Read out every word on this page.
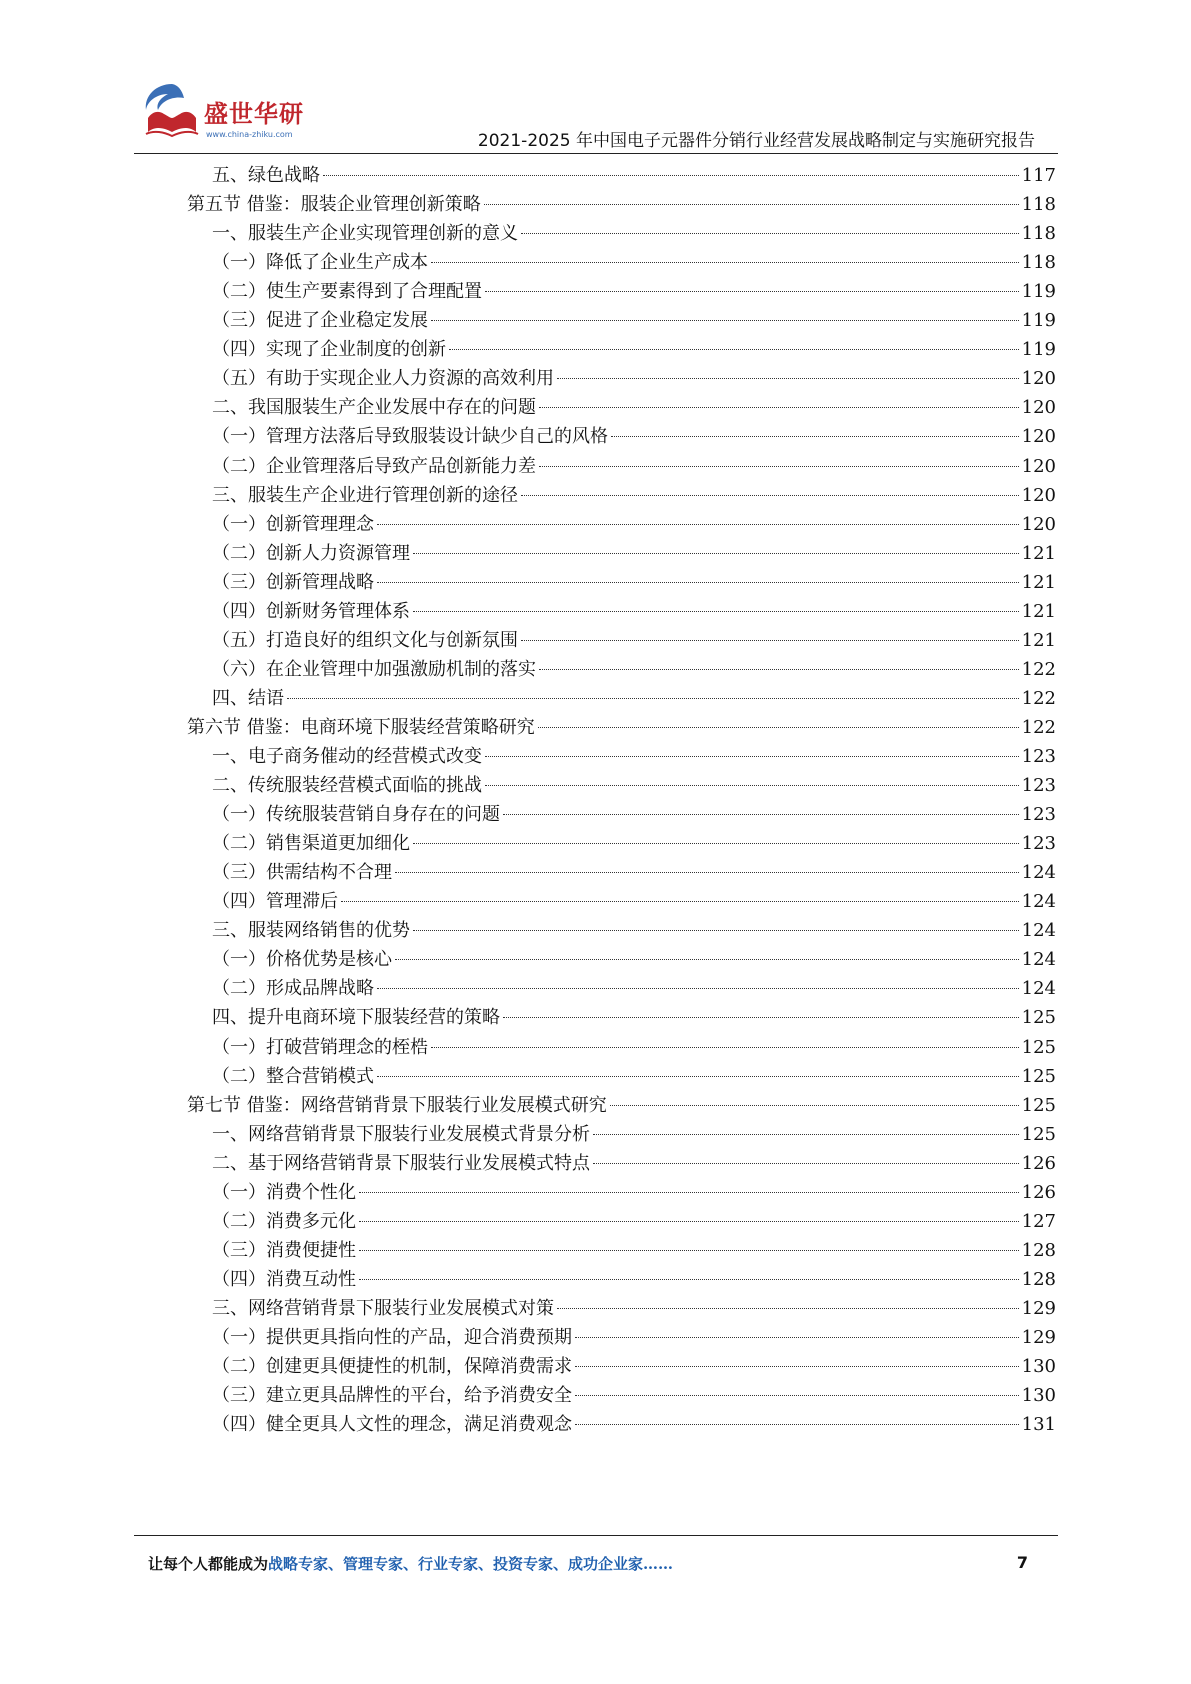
盛世华研
www.china-zhiku.com	2021-2025 年中国电子元器件分销行业经营发展战略制定与实施研究报告
五、绿色战略	117
第五节 借鉴：服装企业管理创新策略	118
一、服装生产企业实现管理创新的意义	118
（一）降低了企业生产成本	118
（二）使生产要素得到了合理配置	119
（三）促进了企业稳定发展	119
（四）实现了企业制度的创新	119
（五）有助于实现企业人力资源的高效利用	120
二、我国服装生产企业发展中存在的问题	120
（一）管理方法落后导致服装设计缺少自己的风格	120
（二）企业管理落后导致产品创新能力差	120
三、服装生产企业进行管理创新的途径	120
（一）创新管理理念	120
（二）创新人力资源管理	121
（三）创新管理战略	121
（四）创新财务管理体系	121
（五）打造良好的组织文化与创新氛围	121
（六）在企业管理中加强激励机制的落实	122
四、结语	122
第六节 借鉴：电商环境下服装经营策略研究	122
一、电子商务催动的经营模式改变	123
二、传统服装经营模式面临的挑战	123
（一）传统服装营销自身存在的问题	123
（二）销售渠道更加细化	123
（三）供需结构不合理	124
（四）管理滞后	124
三、服装网络销售的优势	124
（一）价格优势是核心	124
（二）形成品牌战略	124
四、提升电商环境下服装经营的策略	125
（一）打破营销理念的桎梏	125
（二）整合营销模式	125
第七节 借鉴：网络营销背景下服装行业发展模式研究	125
一、网络营销背景下服装行业发展模式背景分析	125
二、基于网络营销背景下服装行业发展模式特点	126
（一）消费个性化	126
（二）消费多元化	127
（三）消费便捷性	128
（四）消费互动性	128
三、网络营销背景下服装行业发展模式对策	129
（一）提供更具指向性的产品，迎合消费预期	129
（二）创建更具便捷性的机制，保障消费需求	130
（三）建立更具品牌性的平台，给予消费安全	130
（四）健全更具人文性的理念，满足消费观念	131
让每个人都能成为战略专家、管理专家、行业专家、投资专家、成功企业家……	7
